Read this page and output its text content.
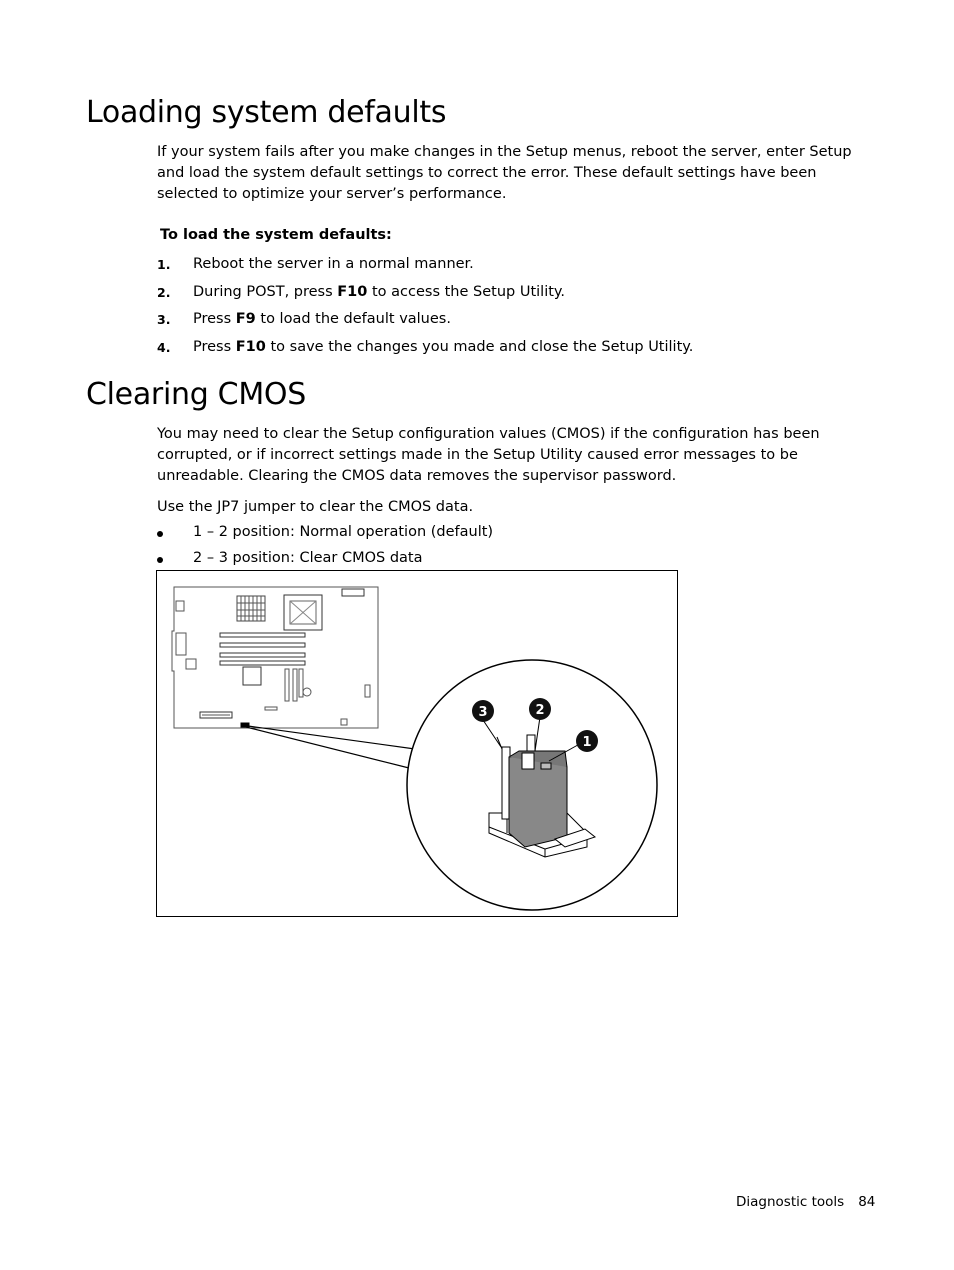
Loading system defaults

If your system fails after you make changes in the Setup menus, reboot the server, enter Setup and load the system default settings to correct the error. These default settings have been selected to optimize your server’s performance.

To load the system defaults:

1. Reboot the server in a normal manner.
2. During POST, press F10 to access the Setup Utility.
3. Press F9 to load the default values.
4. Press F10 to save the changes you made and close the Setup Utility.
Clearing CMOS

You may need to clear the Setup configuration values (CMOS) if the configuration has been corrupted, or if incorrect settings made in the Setup Utility caused error messages to be unreadable. Clearing the CMOS data removes the supervisor password.

Use the JP7 jumper to clear the CMOS data.

1 – 2 position: Normal operation (default)
2 – 3 position: Clear CMOS data
3	2
1
Diagnostic tools 84
